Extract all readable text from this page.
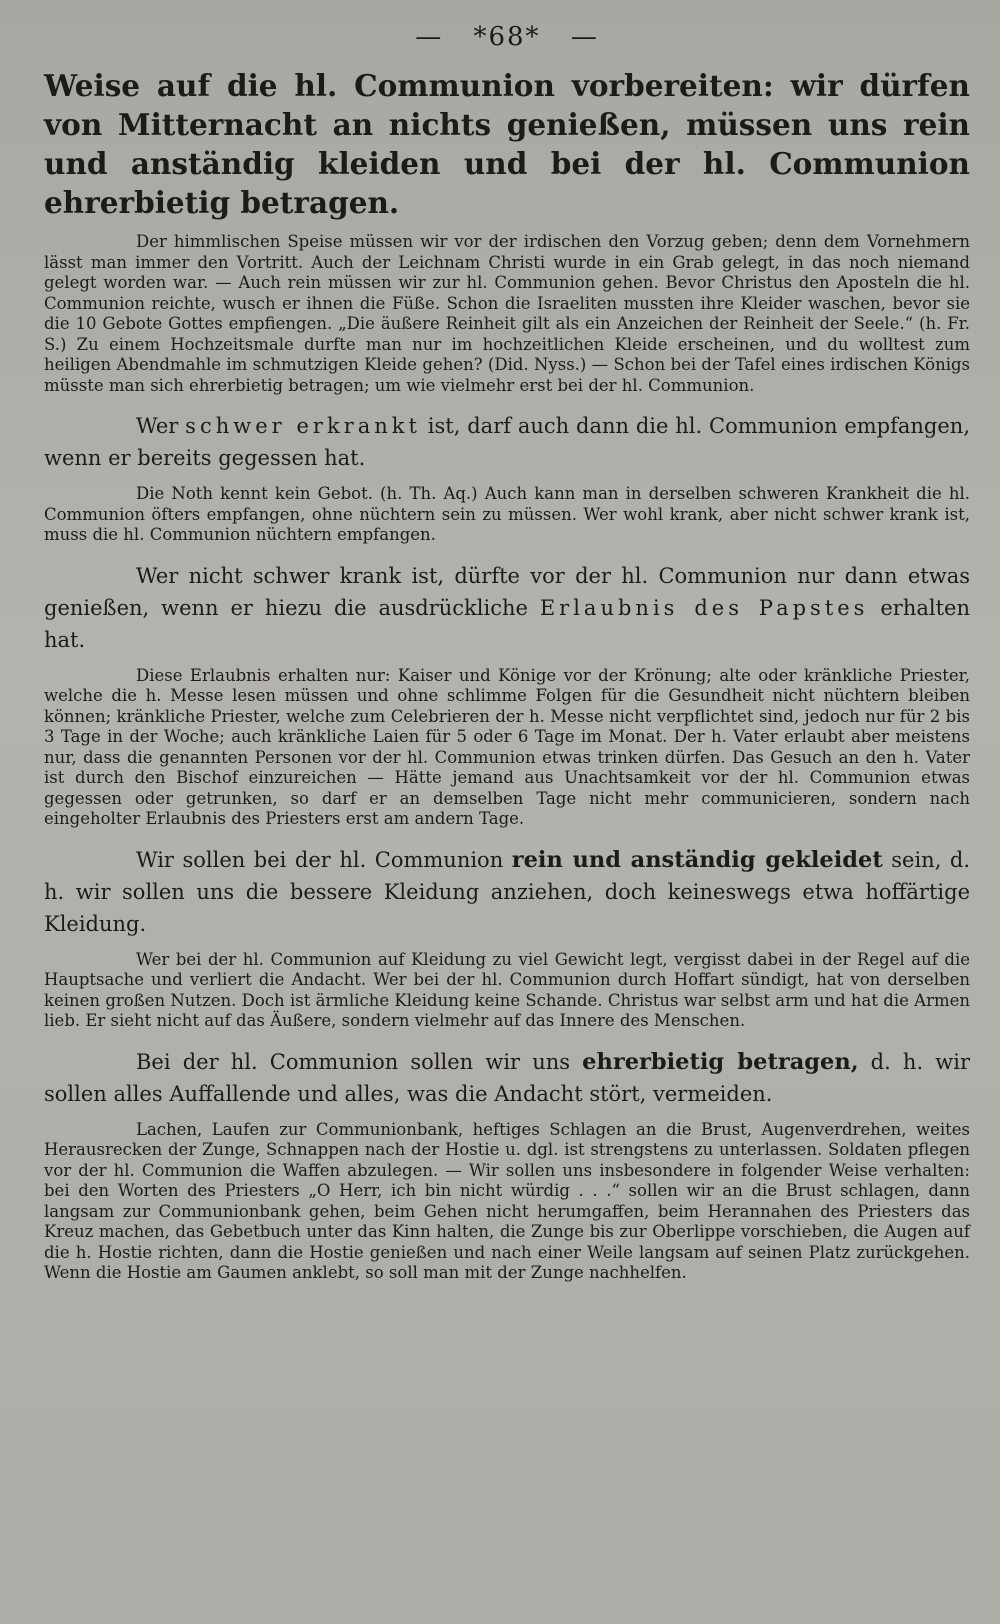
— *68* —

Weise auf die hl. Communion vorbereiten: wir dürfen von Mitternacht an nichts genießen, müssen uns rein und anständig kleiden und bei der hl. Communion ehrerbietig betragen.

Der himmlischen Speise müssen wir vor der irdischen den Vorzug geben; denn dem Vornehmern lässt man immer den Vortritt. Auch der Leichnam Christi wurde in ein Grab gelegt, in das noch niemand gelegt worden war. — Auch rein müssen wir zur hl. Communion gehen. Bevor Christus den Aposteln die hl. Communion reichte, wusch er ihnen die Füße. Schon die Israeliten mussten ihre Kleider waschen, bevor sie die 10 Gebote Gottes empfiengen. „Die äußere Reinheit gilt als ein Anzeichen der Reinheit der Seele.“ (h. Fr. S.) Zu einem Hochzeitsmale durfte man nur im hochzeitlichen Kleide erscheinen, und du wolltest zum heiligen Abendmahle im schmutzigen Kleide gehen? (Did. Nyss.) — Schon bei der Tafel eines irdischen Königs müsste man sich ehrerbietig betragen; um wie vielmehr erst bei der hl. Communion.

Wer schwer erkrankt ist, darf auch dann die hl. Communion empfangen, wenn er bereits gegessen hat.

Die Noth kennt kein Gebot. (h. Th. Aq.) Auch kann man in derselben schweren Krankheit die hl. Communion öfters empfangen, ohne nüchtern sein zu müssen. Wer wohl krank, aber nicht schwer krank ist, muss die hl. Communion nüchtern empfangen.

Wer nicht schwer krank ist, dürfte vor der hl. Communion nur dann etwas genießen, wenn er hiezu die ausdrückliche Erlaubnis des Papstes erhalten hat.

Diese Erlaubnis erhalten nur: Kaiser und Könige vor der Krönung; alte oder kränkliche Priester, welche die h. Messe lesen müssen und ohne schlimme Folgen für die Gesundheit nicht nüchtern bleiben können; kränkliche Priester, welche zum Celebrieren der h. Messe nicht verpflichtet sind, jedoch nur für 2 bis 3 Tage in der Woche; auch kränkliche Laien für 5 oder 6 Tage im Monat. Der h. Vater erlaubt aber meistens nur, dass die genannten Personen vor der hl. Communion etwas trinken dürfen. Das Gesuch an den h. Vater ist durch den Bischof einzureichen — Hätte jemand aus Unachtsamkeit vor der hl. Communion etwas gegessen oder getrunken, so darf er an demselben Tage nicht mehr communicieren, sondern nach eingeholter Erlaubnis des Priesters erst am andern Tage.

Wir sollen bei der hl. Communion rein und anständig gekleidet sein, d. h. wir sollen uns die bessere Kleidung anziehen, doch keineswegs etwa hoffärtige Kleidung.

Wer bei der hl. Communion auf Kleidung zu viel Gewicht legt, vergisst dabei in der Regel auf die Hauptsache und verliert die Andacht. Wer bei der hl. Communion durch Hoffart sündigt, hat von derselben keinen großen Nutzen. Doch ist ärmliche Kleidung keine Schande. Christus war selbst arm und hat die Armen lieb. Er sieht nicht auf das Äußere, sondern vielmehr auf das Innere des Menschen.

Bei der hl. Communion sollen wir uns ehrerbietig betragen, d. h. wir sollen alles Auffallende und alles, was die Andacht stört, vermeiden.

Lachen, Laufen zur Communionbank, heftiges Schlagen an die Brust, Augenverdrehen, weites Herausrecken der Zunge, Schnappen nach der Hostie u. dgl. ist strengstens zu unterlassen. Soldaten pflegen vor der hl. Communion die Waffen abzulegen. — Wir sollen uns insbesondere in folgender Weise verhalten: bei den Worten des Priesters „O Herr, ich bin nicht würdig . . .“ sollen wir an die Brust schlagen, dann langsam zur Communionbank gehen, beim Gehen nicht herumgaffen, beim Herannahen des Priesters das Kreuz machen, das Gebetbuch unter das Kinn halten, die Zunge bis zur Oberlippe vorschieben, die Augen auf die h. Hostie richten, dann die Hostie genießen und nach einer Weile langsam auf seinen Platz zurückgehen. Wenn die Hostie am Gaumen anklebt, so soll man mit der Zunge nachhelfen.
